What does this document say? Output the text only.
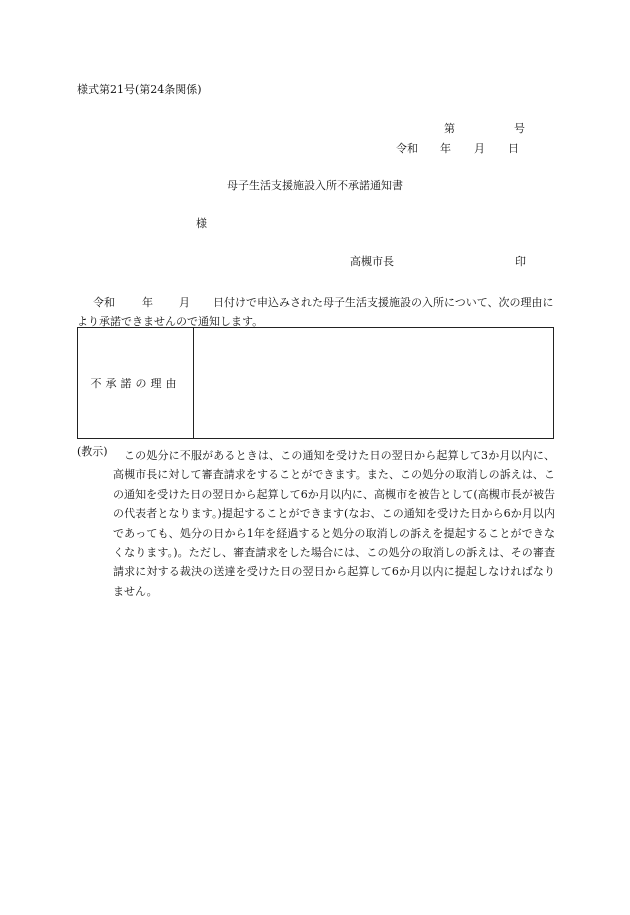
様式第21号(第24条関係)
第	号
令和 年 月 日
母子生活支援施設入所不承諾通知書
様
高槻市長	印
令和 年 月 日付けで申込みされた母子生活支援施設の入所について、次の理由により承諾できませんので通知します。
不承諾の理由
(教示)	この処分に不服があるときは、この通知を受けた日の翌日から起算して3か月以内に、高槻市長に対して審査請求をすることができます。また、この処分の取消しの訴えは、この通知を受けた日の翌日から起算して6か月以内に、高槻市を被告として(高槻市長が被告の代表者となります。)提起することができます(なお、この通知を受けた日から6か月以内であっても、処分の日から1年を経過すると処分の取消しの訴えを提起することができなくなります。)。ただし、審査請求をした場合には、この処分の取消しの訴えは、その審査請求に対する裁決の送達を受けた日の翌日から起算して6か月以内に提起しなければなりません。
